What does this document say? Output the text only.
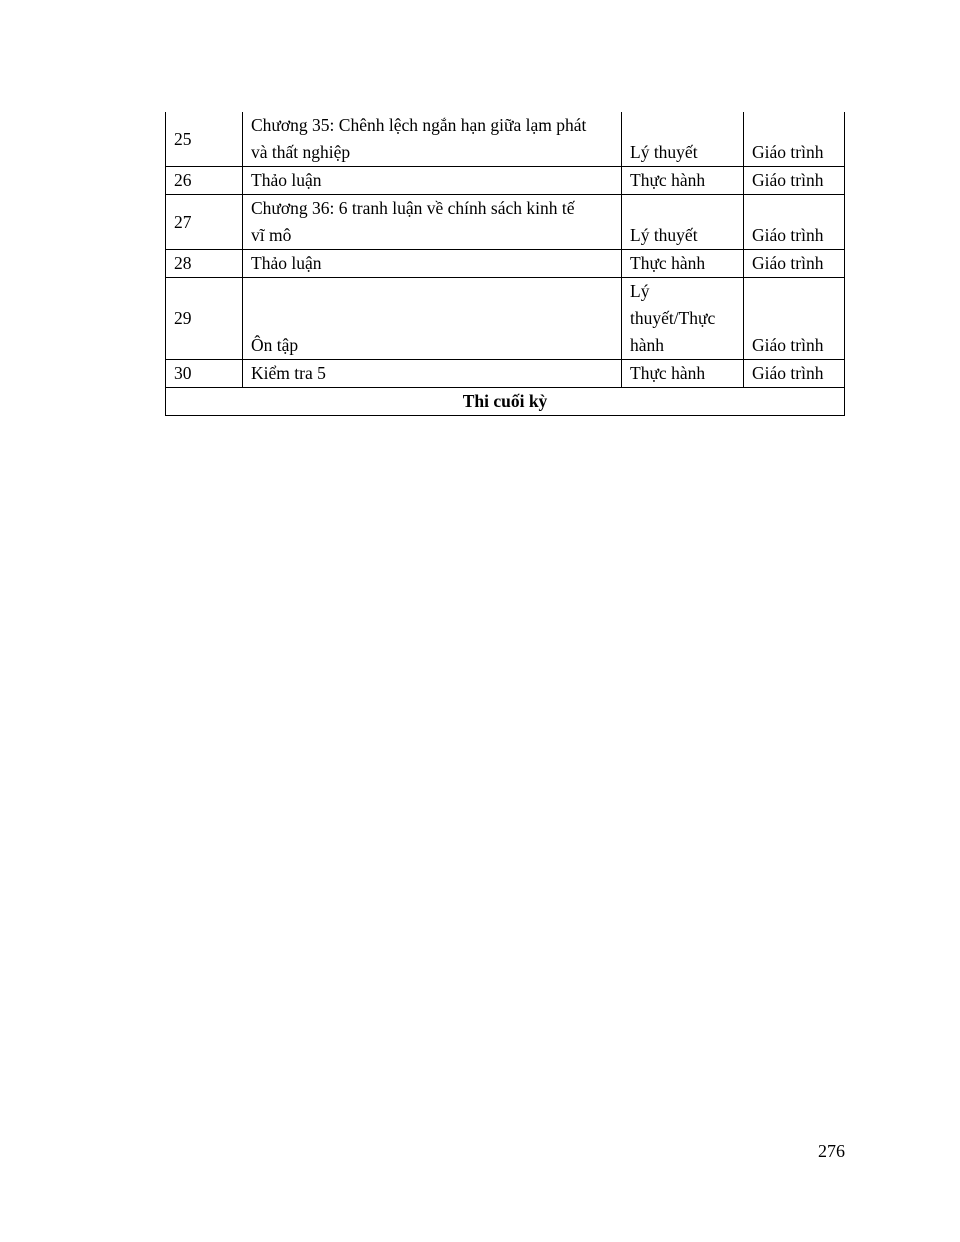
25	Chương 35: Chênh lệch ngắn hạn giữa lạm phát
và thất nghiệp	Lý thuyết	Giáo trình
26	Thảo luận	Thực hành	Giáo trình
27	Chương 36: 6 tranh luận về chính sách kinh tế
vĩ mô	Lý thuyết	Giáo trình
28	Thảo luận	Thực hành	Giáo trình
29	Ôn tập	Lý
thuyết/Thực
hành	Giáo trình
30	Kiểm tra 5	Thực hành	Giáo trình
Thi cuối kỳ			
276
